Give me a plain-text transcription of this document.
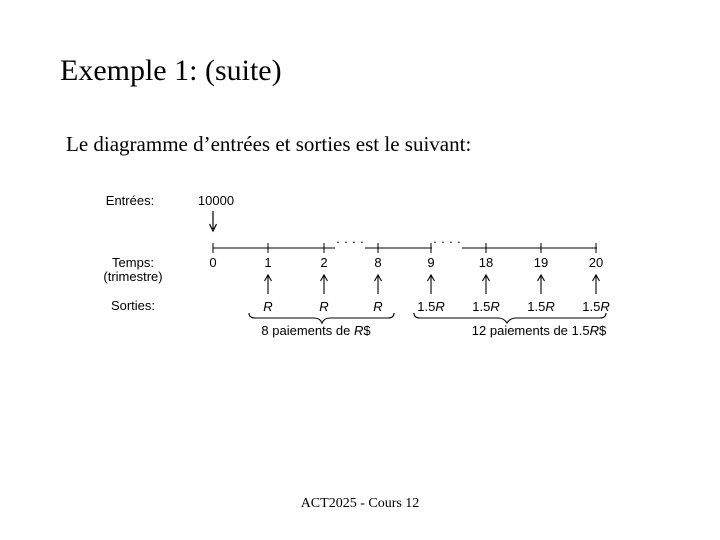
Exemple 1: (suite)
Le diagramme d’entrées et sorties est le suivant:
Entrées:
Temps:
(trimestre)
Sorties:
10000
· · · ·	· · · ·
0	1	2	8	9	18	19	20
R	R	R	1.5R 1.5R 1.5R 1.5R
8 paiements de R$	12 paiements de 1.5R$
ACT2025 - Cours 12
